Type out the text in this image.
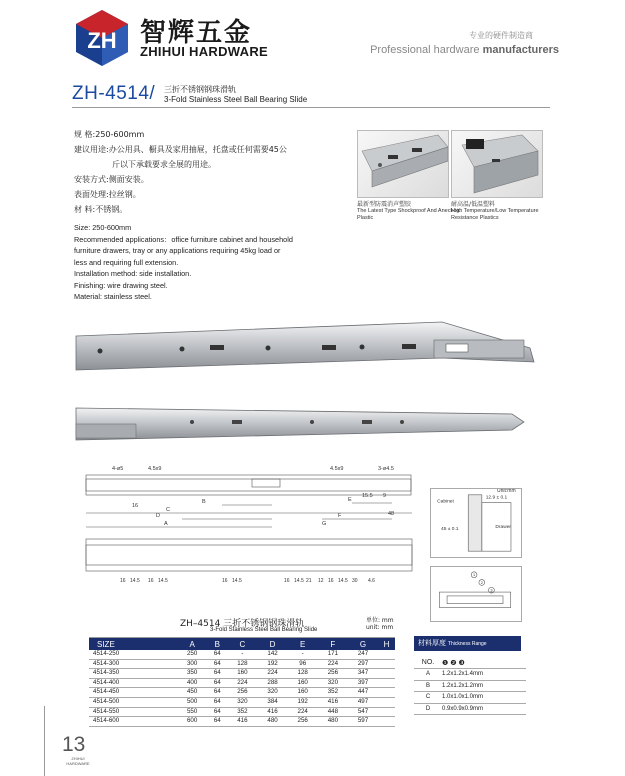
ZH 智辉五金
ZHIHUI HARDWARE
专业的硬件制造商
Professional hardware manufacturers
ZH-4514/ 三折不锈钢钢珠滑轨
3-Fold Stainless Steel Ball Bearing Slide
规 格: 250-600mm
建议用途: 办公用具、橱具及家用抽屉，托盘或任何需要45公
斤以下承载要求全展的用途。
安装方式: 侧面安装。
表面处理: 拉丝钢。
材 料: 不锈钢。
Size: 250-600mm
Recommended applications：office furniture cabinet and household
furniture drawers, tray or any applications requiring 45kg load or
less and requiring full extension.
Installation method: side installation.
Finishing: wire drawing steel.
Material: stainless steel.
最新型防震消声塑胶
The Latest Type Shockproof And Anechoic Plastic
耐高温/低温塑料
High Temperature/Low Temperature Resistance Plastics
4-ø5	4.5x9	4.5x9	3-ø4.5
A
B
C
D
E
F
G
16
15.5 9
48
16 14.5 16 14.5	16 14.5	16 14.5 21 12 16 14.5 30 4.6
Unit:mm
Cabinet
Drawer
12.9 ± 0.1
45 ± 0.1
1
2
3
ZH–4514 三折不锈钢钢珠滑轨
3-Fold Stainless Steel Ball Bearing Slide
单位: mm
unit: mm
SIZE	A	B	C	D	E	F	G	H
4514-250	250	64	-	142	-	171	247	
4514-300	300	64	128	192	96	224	297	
4514-350	350	64	160	224	128	256	347	
4514-400	400	64	224	288	160	320	397	
4514-450	450	64	256	320	160	352	447	
4514-500	500	64	320	384	192	416	497	
4514-550	550	64	352	416	224	448	547	
4514-600	600	64	416	480	256	480	597	
材料厚度 Thickness Range
NO.	❶ ❷ ❸
A	1.2x1.2x1.4mm
B	1.2x1.2x1.2mm
C	1.0x1.0x1.0mm
D	0.9x0.9x0.9mm
13
ZHIHUI
HARDWARE
